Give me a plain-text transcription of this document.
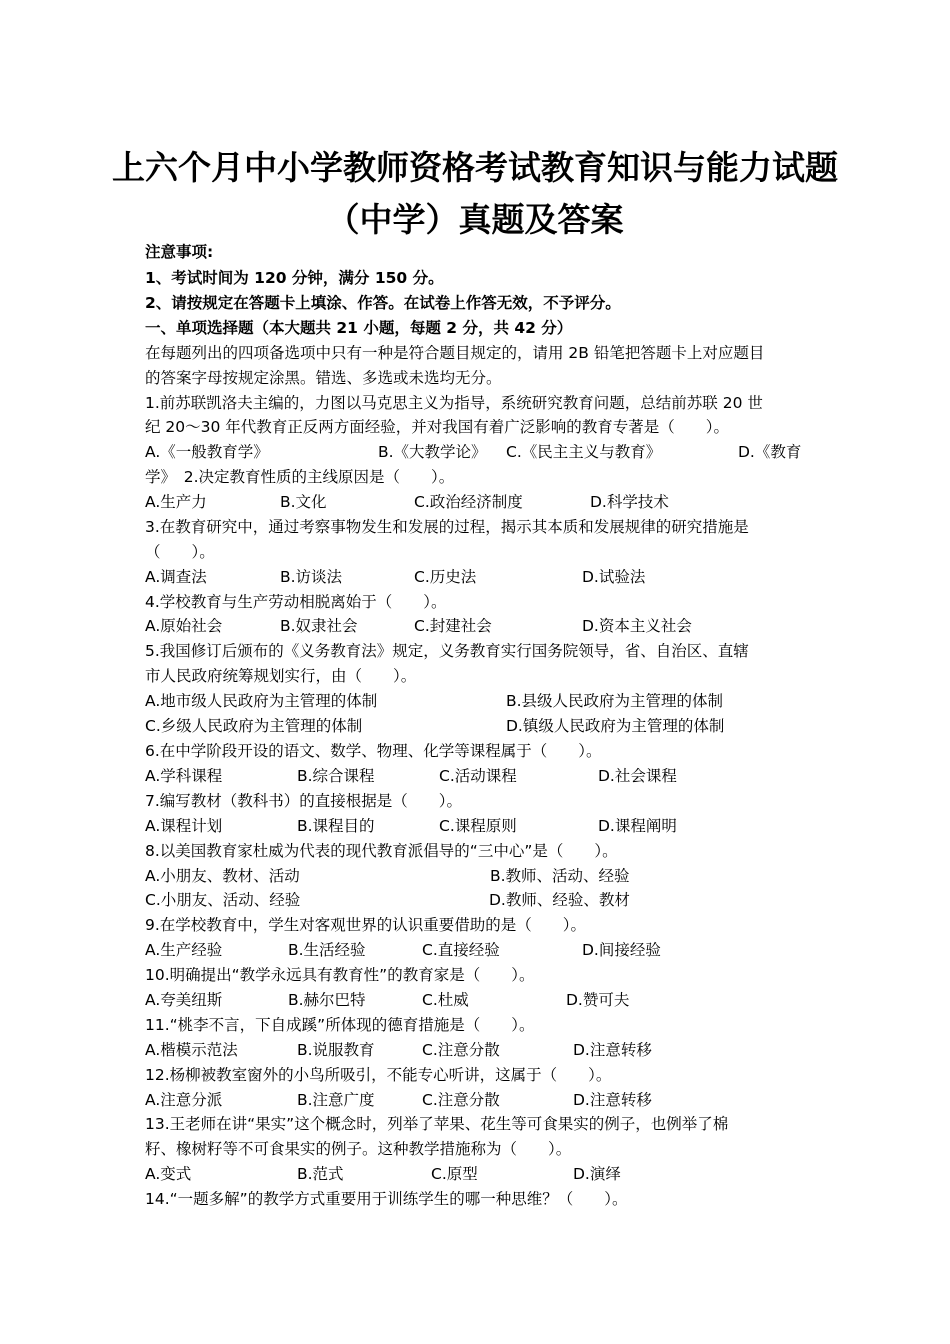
上六个月中小学教师资格考试教育知识与能力试题
（中学）真题及答案
注意事项:
1、考试时间为 120 分钟，满分 150 分。
2、请按规定在答题卡上填涂、作答。在试卷上作答无效，不予评分。
一、单项选择题（本大题共 21 小题，每题 2 分，共 42 分）
在每题列出的四项备选项中只有一种是符合题目规定的，请用 2B 铅笔把答题卡上对应题目
的答案字母按规定涂黑。错选、多选或未选均无分。
1.前苏联凯洛夫主编的，力图以马克思主义为指导，系统研究教育问题，总结前苏联 20 世
纪 20～30 年代教育正反两方面经验，并对我国有着广泛影响的教育专著是（　　）。
A.《一般教育学》	B.《大教学论》 C.《民主主义与教育》	D.《教育
学》　2.决定教育性质的主线原因是（　　）。
A.生产力	B.文化	C.政治经济制度	D.科学技术
3.在教育研究中，通过考察事物发生和发展的过程，揭示其本质和发展规律的研究措施是
（　　）。
A.调查法	B.访谈法	C.历史法	D.试验法
4.学校教育与生产劳动相脱离始于（　　）。
A.原始社会	B.奴隶社会	C.封建社会	D.资本主义社会
5.我国修订后颁布的《义务教育法》规定，义务教育实行国务院领导，省、自治区、直辖
市人民政府统筹规划实行，由（　　）。
A.地市级人民政府为主管理的体制	B.县级人民政府为主管理的体制
C.乡级人民政府为主管理的体制	D.镇级人民政府为主管理的体制
6.在中学阶段开设的语文、数学、物理、化学等课程属于（　　）。
A.学科课程	B.综合课程	C.活动课程	D.社会课程
7.编写教材（教科书）的直接根据是（　　）。
A.课程计划	B.课程目的	C.课程原则	D.课程阐明
8.以美国教育家杜威为代表的现代教育派倡导的“三中心”是（　　）。
A.小朋友、教材、活动	B.教师、活动、经验
C.小朋友、活动、经验	D.教师、经验、教材
9.在学校教育中，学生对客观世界的认识重要借助的是（　　）。
A.生产经验	B.生活经验	C.直接经验	D.间接经验
10.明确提出“教学永远具有教育性”的教育家是（　　）。
A.夸美纽斯	B.赫尔巴特	C.杜威	D.赞可夫
11.“桃李不言，下自成蹊”所体现的德育措施是（　　）。
A.楷模示范法	B.说服教育	C.注意分散	D.注意转移
12.杨柳被教室窗外的小鸟所吸引，不能专心听讲，这属于（　　）。
A.注意分派	B.注意广度	C.注意分散	D.注意转移
13.王老师在讲“果实”这个概念时，列举了苹果、花生等可食果实的例子，也例举了棉
籽、橡树籽等不可食果实的例子。这种教学措施称为（　　）。
A.变式	B.范式	C.原型	D.演绎
14.“一题多解”的教学方式重要用于训练学生的哪一种思维？（　　）。
